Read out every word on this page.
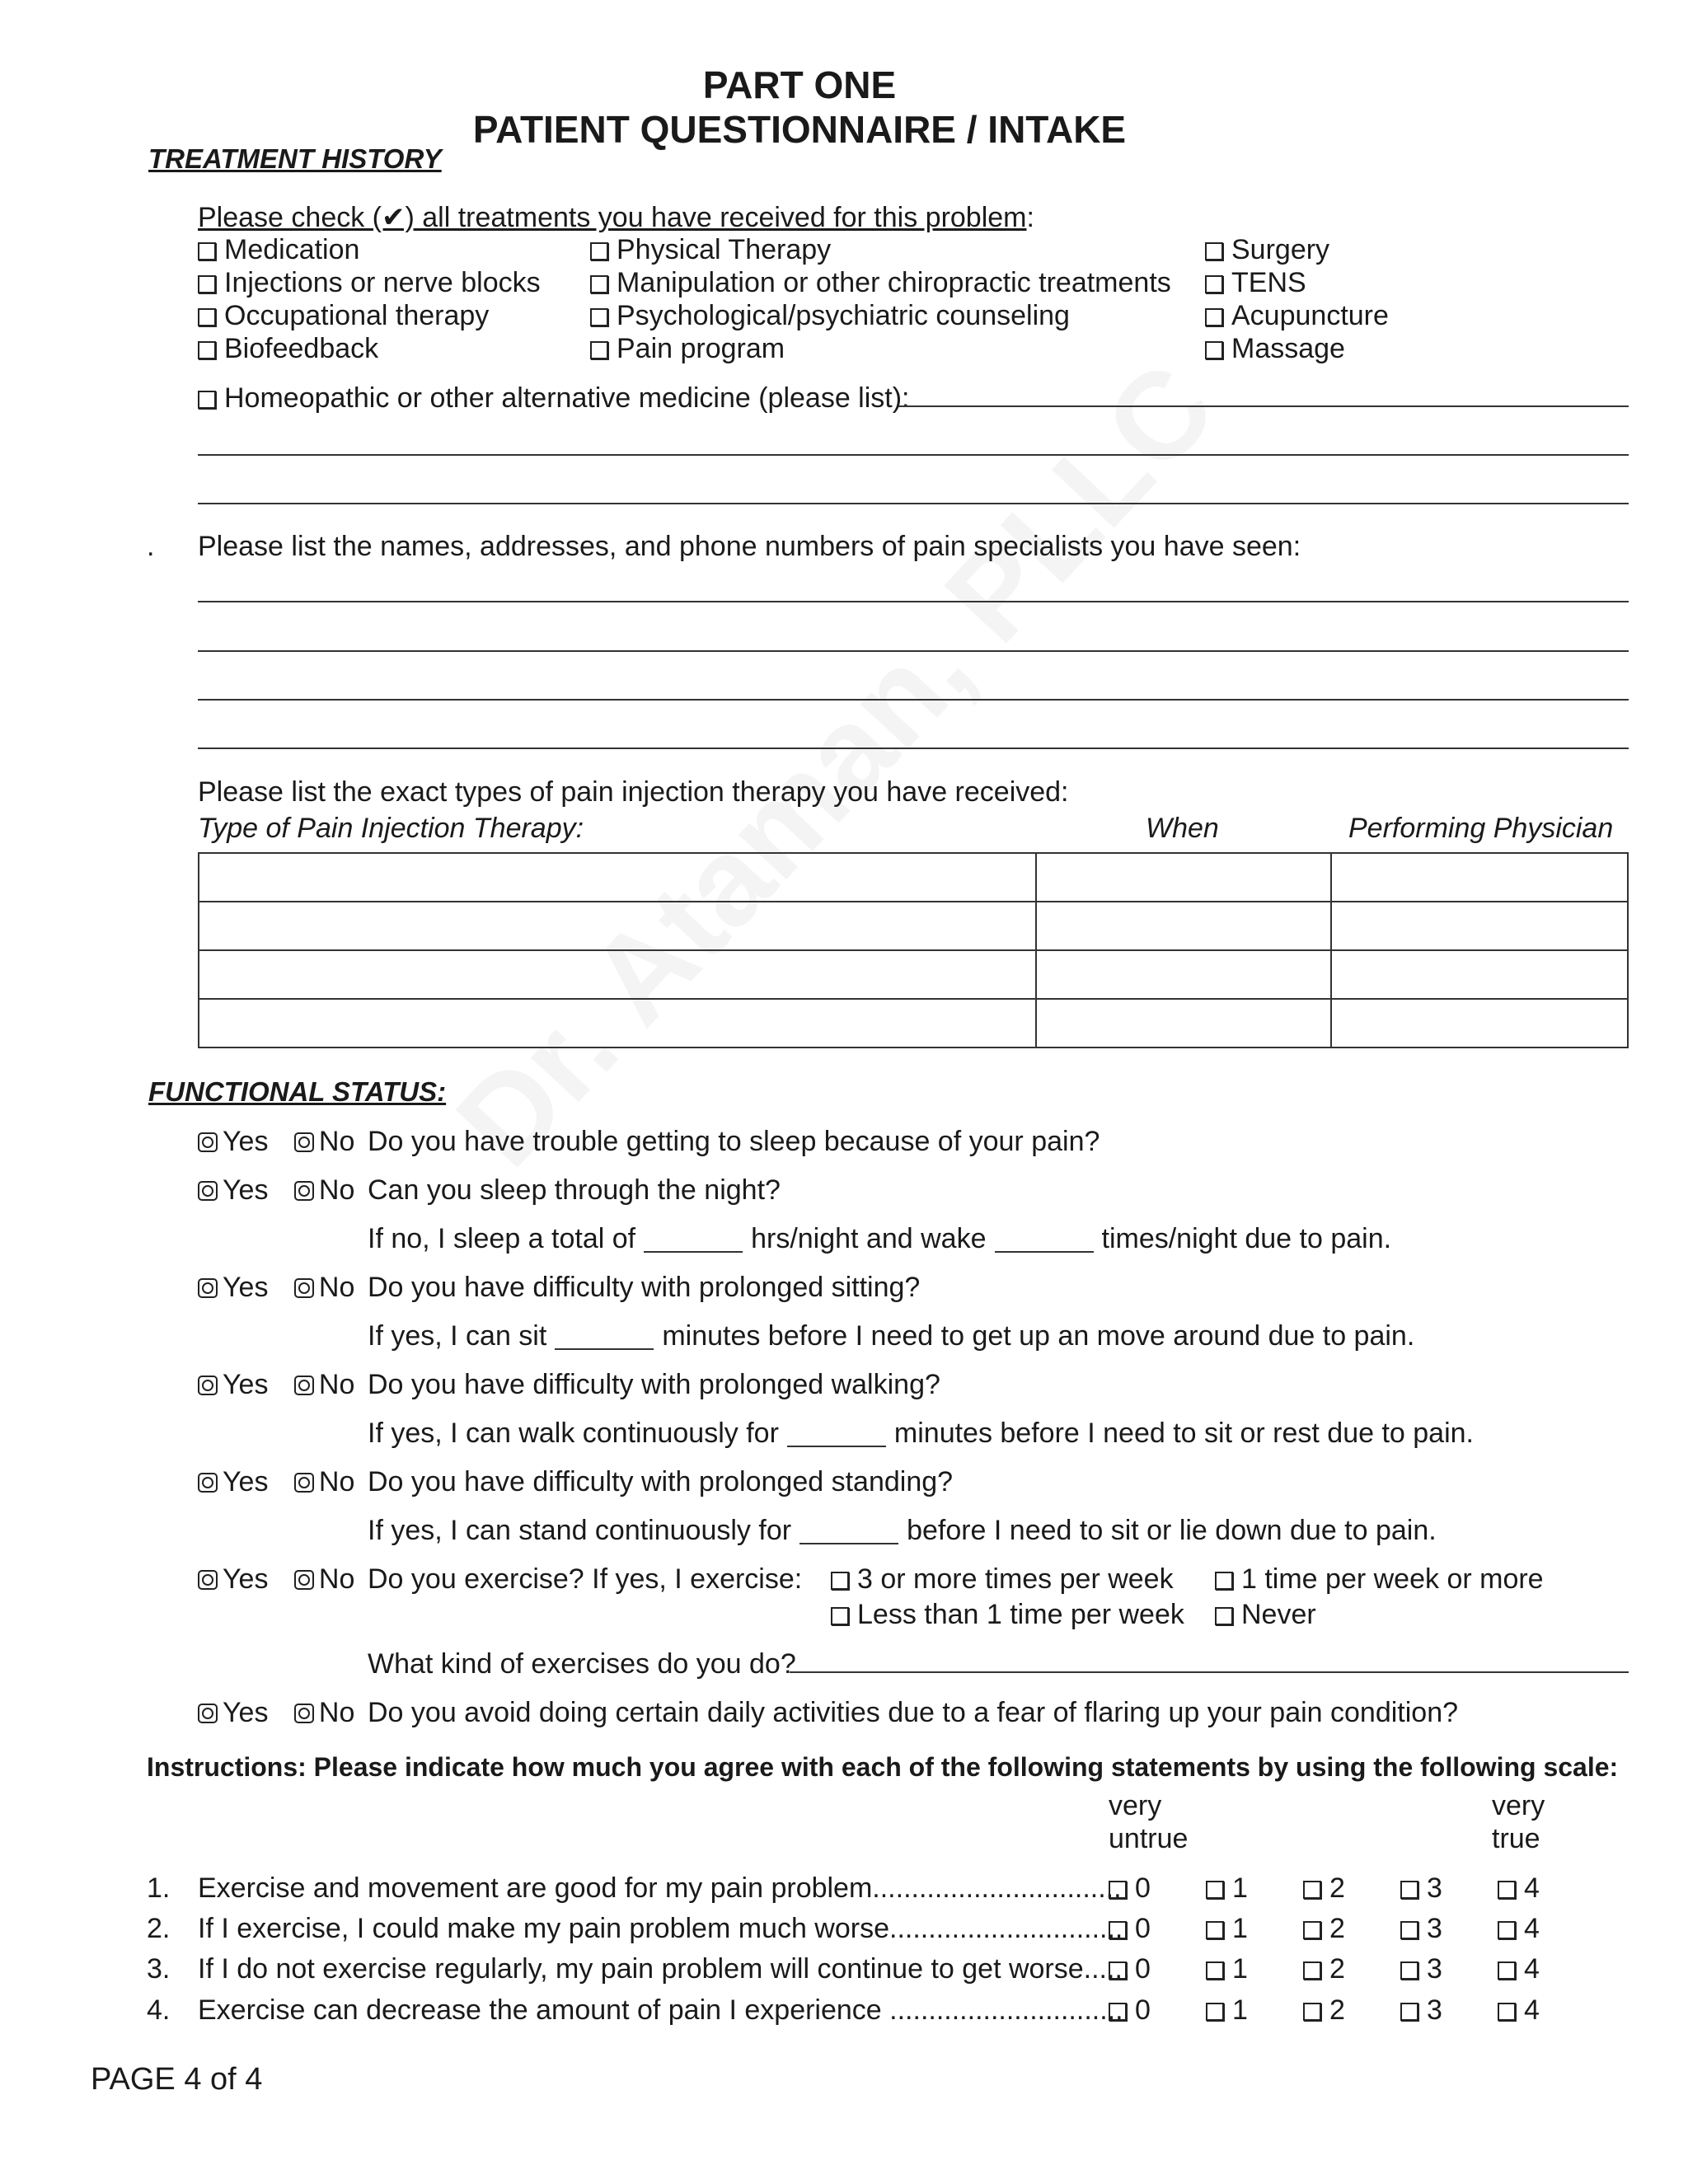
PART ONE
PATIENT QUESTIONNAIRE / INTAKE
TREATMENT HISTORY
Please check (✔) all treatments you have received for this problem:
Medication
Injections or nerve blocks
Occupational therapy
Biofeedback
Physical Therapy
Manipulation or other chiropractic treatments
Psychological/psychiatric counseling
Pain program
Surgery
TENS
Acupuncture
Massage
Homeopathic or other alternative medicine (please list):
. Please list the names, addresses, and phone numbers of pain specialists you have seen:
Please list the exact types of pain injection therapy you have received:
Type of Pain Injection Therapy:	When	Performing Physician

FUNCTIONAL STATUS:
Yes No Do you have trouble getting to sleep because of your pain?
Yes No Can you sleep through the night?
If no, I sleep a total of	hrs/night and wake	times/night due to pain.
Yes No Do you have difficulty with prolonged sitting?
If yes, I can sit	minutes before I need to get up an move around due to pain.
Yes No Do you have difficulty with prolonged walking?
If yes, I can walk continuously for	minutes before I need to sit or rest due to pain.
Yes No Do you have difficulty with prolonged standing?
If yes, I can stand continuously for	before I need to sit or lie down due to pain.
Yes No Do you exercise? If yes, I exercise:	3 or more times per week	1 time per week or more
Less than 1 time per week	Never
What kind of exercises do you do?
Yes No Do you avoid doing certain daily activities due to a fear of flaring up your pain condition?
Instructions: Please indicate how much you agree with each of the following statements by using the following scale:
very
untrue
very
true
1. Exercise and movement are good for my pain problem................................ 0	1	2	3	4
2. If I exercise, I could make my pain problem much worse.............................. 0	1	2	3	4
3. If I do not exercise regularly, my pain problem will continue to get worse...... 0	1	2	3	4
4. Exercise can decrease the amount of pain I experience .............................. 0	1	2	3	4
PAGE 4 of 4
